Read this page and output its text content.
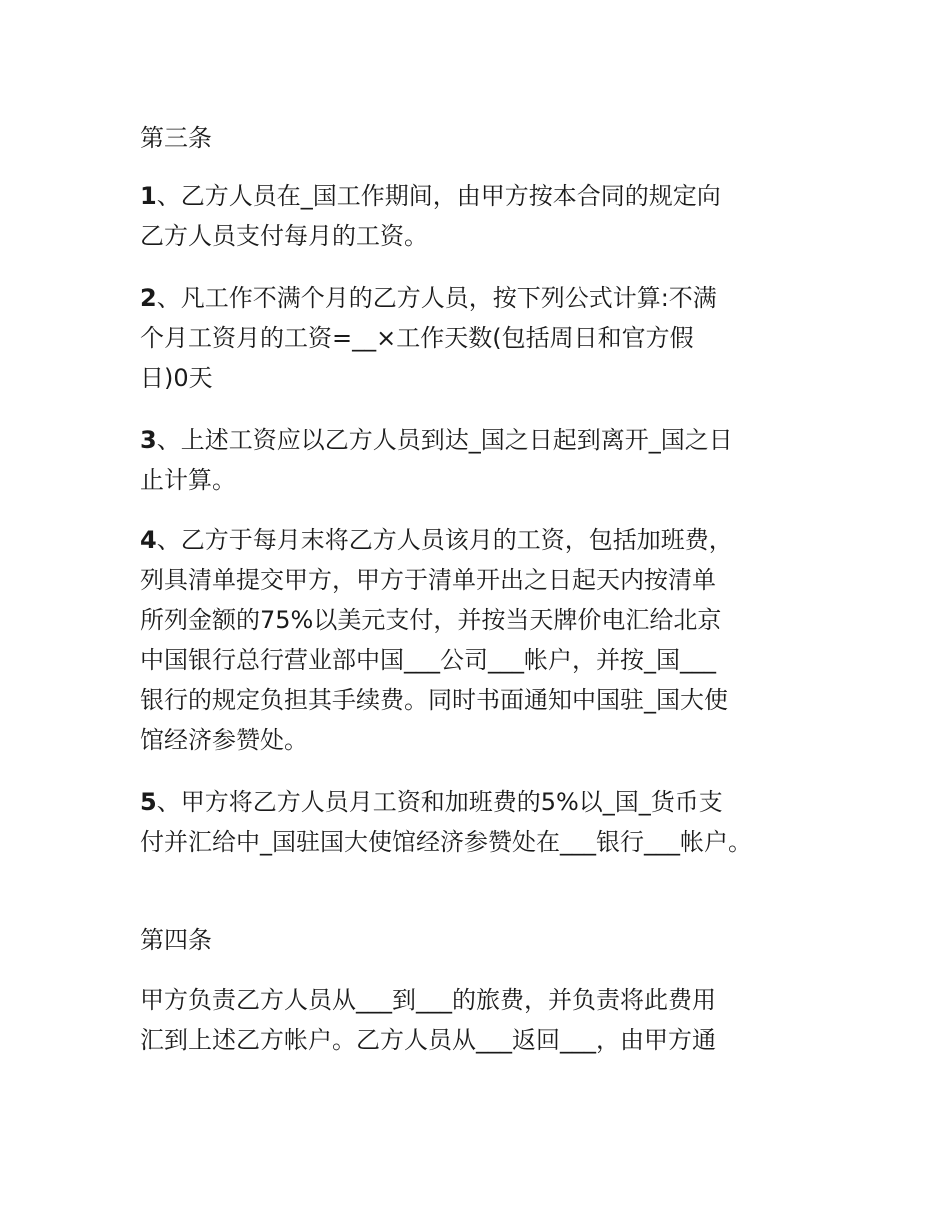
第三条
1、乙方人员在_国工作期间，由甲方按本合同的规定向
乙方人员支付每月的工资。
2、凡工作不满个月的乙方人员，按下列公式计算:不满
个月工资月的工资=__×工作天数(包括周日和官方假
日)0天
3、上述工资应以乙方人员到达_国之日起到离开_国之日
止计算。
4、乙方于每月末将乙方人员该月的工资，包括加班费，
列具清单提交甲方，甲方于清单开出之日起天内按清单
所列金额的75%以美元支付，并按当天牌价电汇给北京
中国银行总行营业部中国___公司___帐户，并按_国___
银行的规定负担其手续费。同时书面通知中国驻_国大使
馆经济参赞处。
5、甲方将乙方人员月工资和加班费的5%以_国_货币支
付并汇给中_国驻国大使馆经济参赞处在___银行___帐户。
第四条
甲方负责乙方人员从___到___的旅费，并负责将此费用
汇到上述乙方帐户。乙方人员从___返回___，由甲方通
